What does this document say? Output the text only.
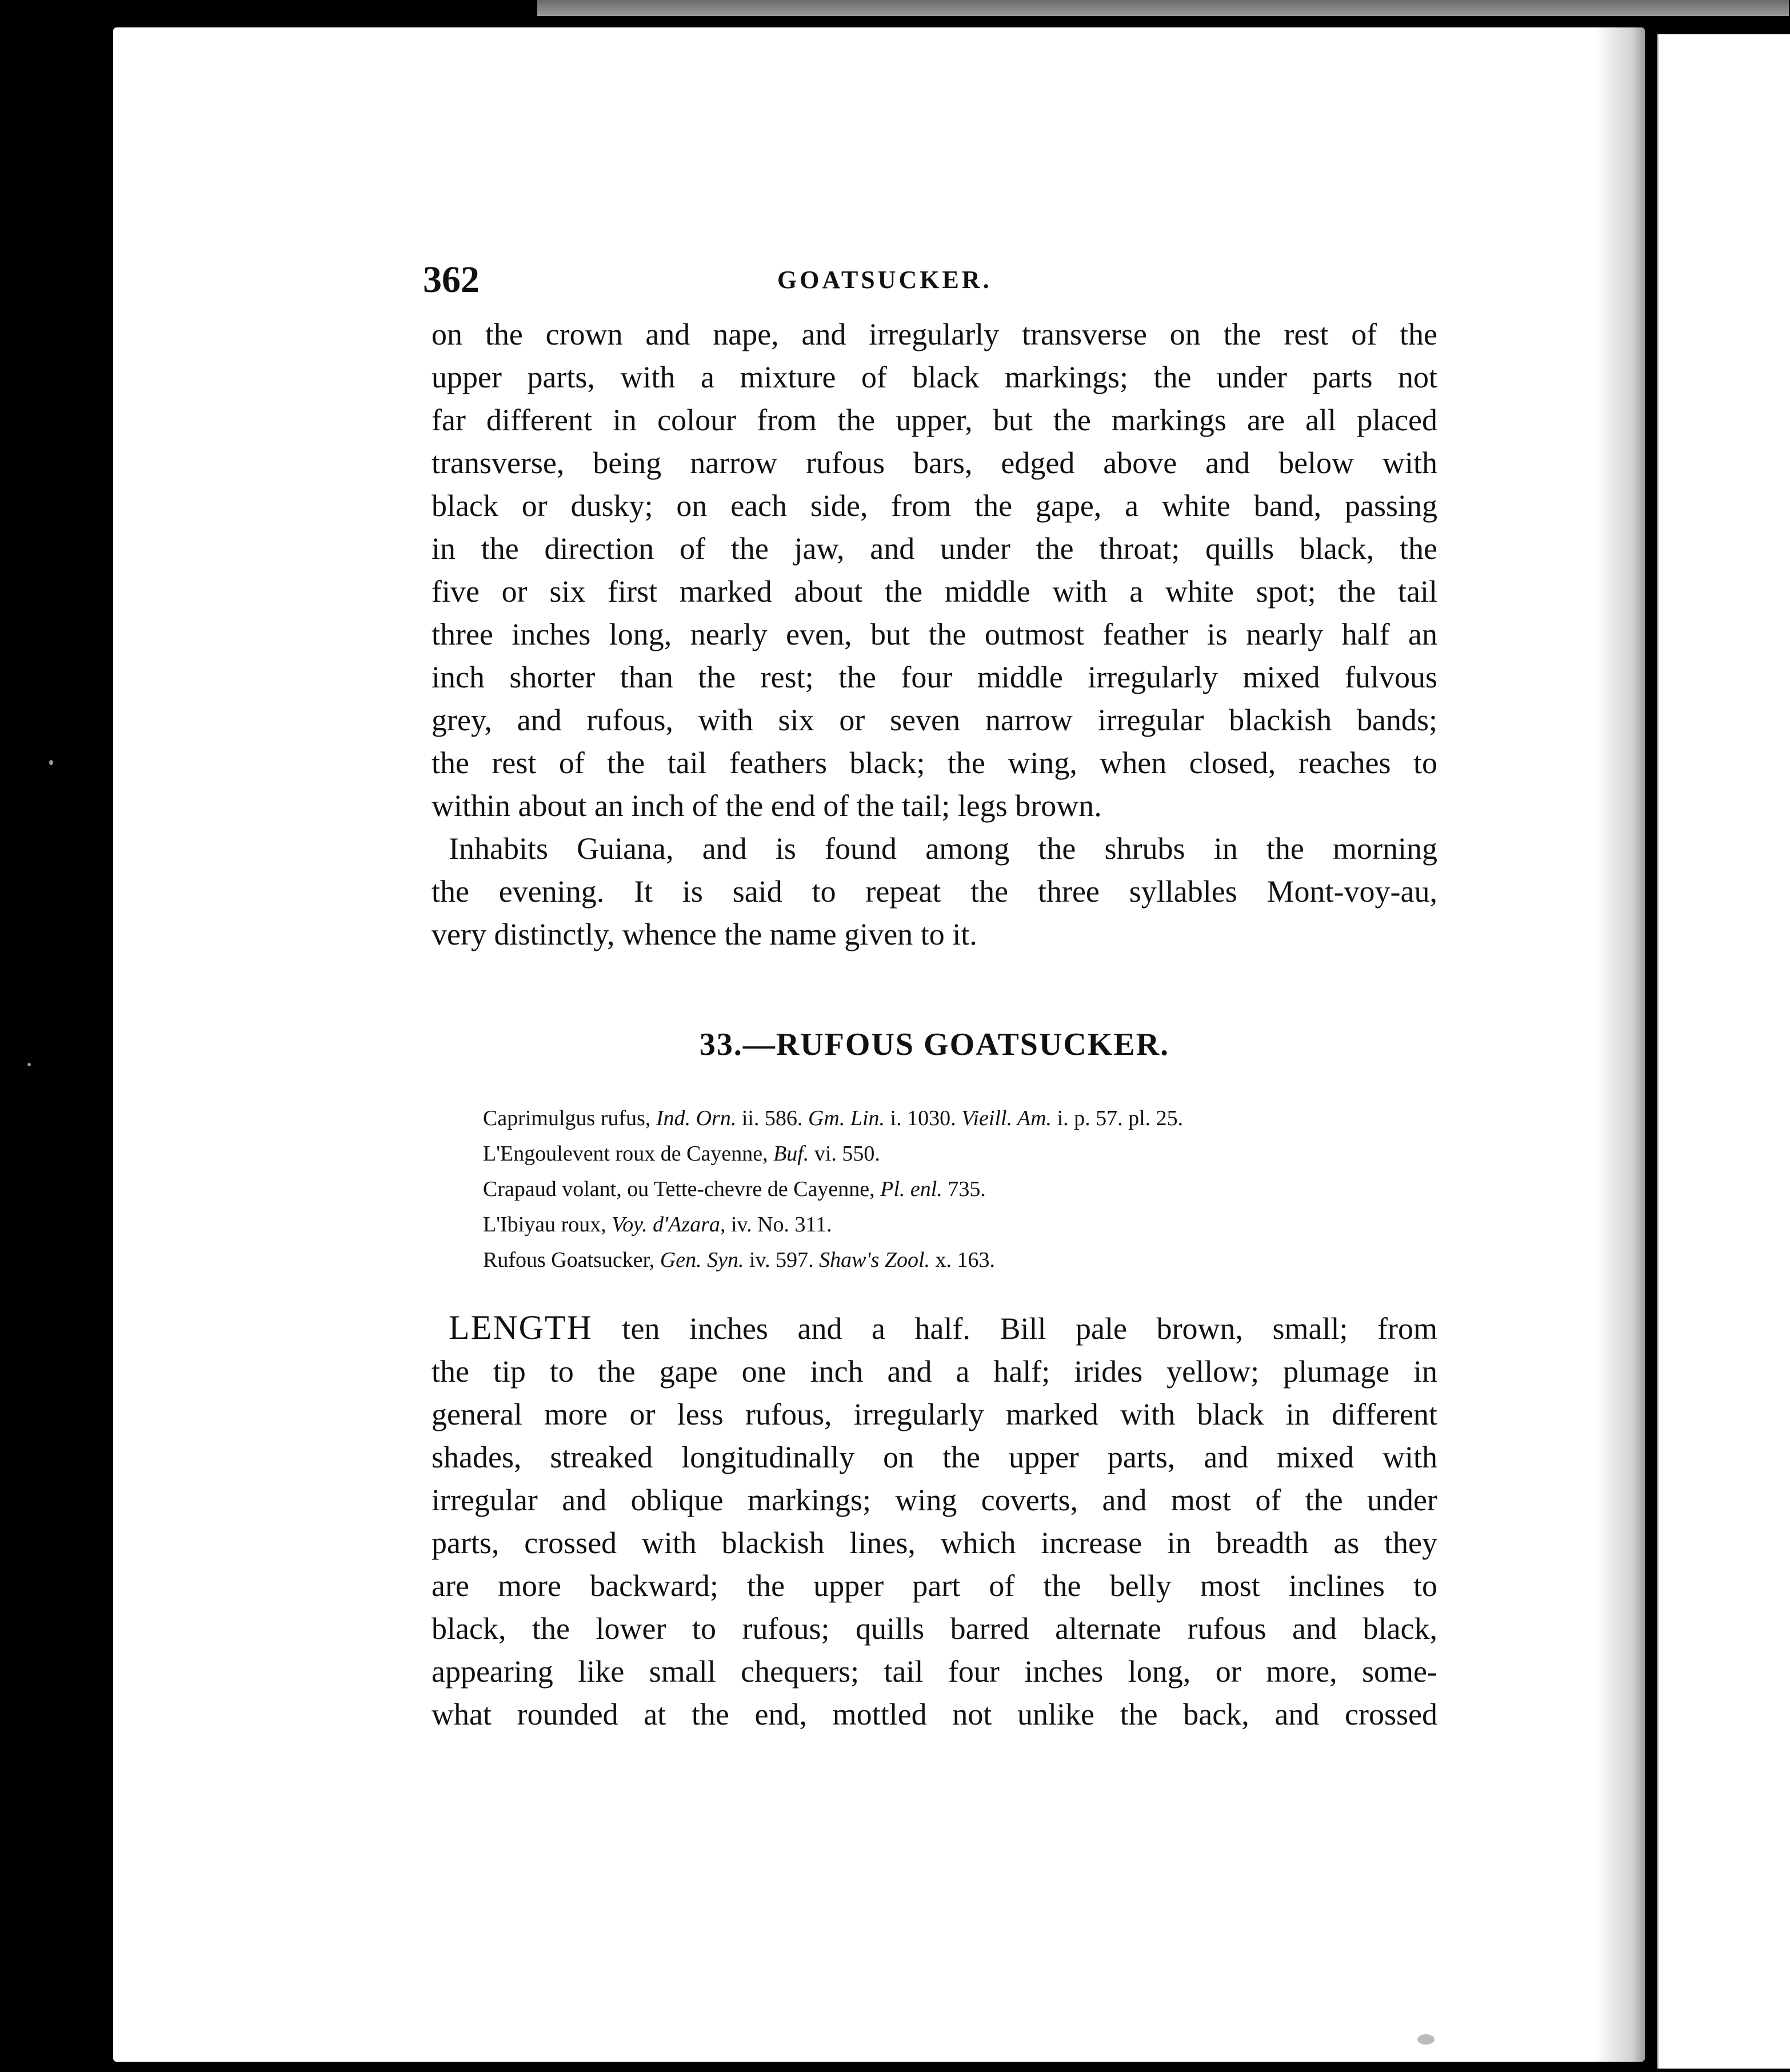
362	GOATSUCKER.

on the crown and nape, and irregularly transverse on the rest of the

upper parts, with a mixture of black markings; the under parts not

far different in colour from the upper, but the markings are all placed

transverse, being narrow rufous bars, edged above and below with

black or dusky; on each side, from the gape, a white band, passing

in the direction of the jaw, and under the throat; quills black, the

five or six first marked about the middle with a white spot; the tail

three inches long, nearly even, but the outmost feather is nearly half an

inch shorter than the rest; the four middle irregularly mixed fulvous

grey, and rufous, with six or seven narrow irregular blackish bands;

the rest of the tail feathers black; the wing, when closed, reaches to

within about an inch of the end of the tail; legs brown.

Inhabits Guiana, and is found among the shrubs in the morning

the evening. It is said to repeat the three syllables Mont-voy-au,

very distinctly, whence the name given to it.

33.—RUFOUS GOATSUCKER.
Caprimulgus rufus, Ind. Orn. ii. 586. Gm. Lin. i. 1030. Vieill. Am. i. p. 57. pl. 25.
L'Engoulevent roux de Cayenne, Buf. vi. 550.
Crapaud volant, ou Tette-chevre de Cayenne, Pl. enl. 735.
L'Ibiyau roux, Voy. d'Azara, iv. No. 311.
Rufous Goatsucker, Gen. Syn. iv. 597. Shaw's Zool. x. 163.

LENGTH ten inches and a half. Bill pale brown, small; from

the tip to the gape one inch and a half; irides yellow; plumage in

general more or less rufous, irregularly marked with black in different

shades, streaked longitudinally on the upper parts, and mixed with

irregular and oblique markings; wing coverts, and most of the under

parts, crossed with blackish lines, which increase in breadth as they

are more backward; the upper part of the belly most inclines to

black, the lower to rufous; quills barred alternate rufous and black,

appearing like small chequers; tail four inches long, or more, some-

what rounded at the end, mottled not unlike the back, and crossed
